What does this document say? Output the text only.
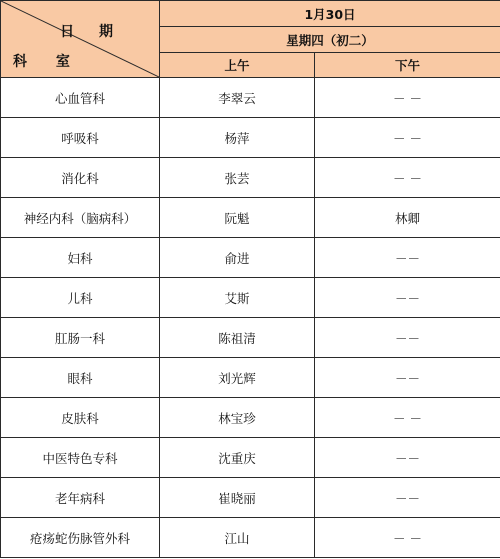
日 期
科 室	1月30日	
	星期四（初二）	
	上午	下午
心血管科	李翠云	－ －
呼吸科	杨萍	－ －
消化科	张芸	－ －
神经内科（脑病科）	阮魁	林卿
妇科	俞进	－－
儿科	艾斯	－－
肛肠一科	陈祖清	－－
眼科	刘光辉	－－
皮肤科	林宝珍	－ －
中医特色专科	沈重庆	－－
老年病科	崔晓丽	－－
疮疡蛇伤脉管外科	江山	－ －
